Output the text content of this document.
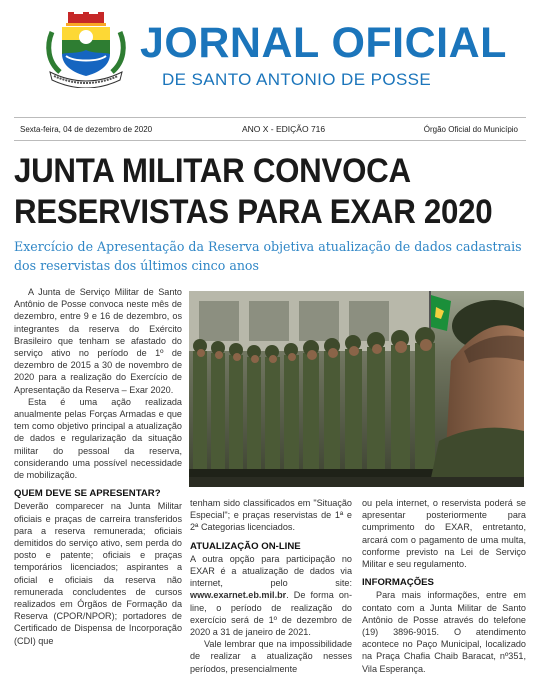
JORNAL OFICIAL
DE SANTO ANTONIO DE POSSE
Sexta-feira, 04 de dezembro de 2020	ANO X - EDIÇÃO 716	Órgão Oficial do Município
JUNTA MILITAR CONVOCA RESERVISTAS PARA EXAR 2020
Exercício de Apresentação da Reserva objetiva atualização de dados cadastrais dos reservistas dos últimos cinco anos

A Junta de Serviço Militar de Santo Antônio de Posse convoca neste mês de dezembro, entre 9 e 16 de dezembro, os integrantes da reserva do Exército Brasileiro que tenham se afastado do serviço ativo no período de 1º de dezembro de 2015 a 30 de novembro de 2020 para a realização do Exercício de Apresentação da Reserva – Exar 2020.

Esta é uma ação realizada anualmente pelas Forças Armadas e que tem como objetivo principal a atualização de dados e regularização da situação militar do pessoal da reserva, considerando uma possível necessidade de mobilização.

QUEM DEVE SE APRESENTAR?

Deverão comparecer na Junta Militar oficiais e praças de carreira transferidos para a reserva remunerada; oficiais demitidos do serviço ativo, sem perda do posto e patente; oficiais e praças temporários licenciados; aspirantes a oficial e oficiais da reserva não remunerada concludentes de cursos realizados em Órgãos de Formação da Reserva (CPOR/NPOR); portadores de Certificado de Dispensa de Incorporação (CDI) que

tenham sido classificados em "Situação Especial"; e praças reservistas de 1ª e 2ª Categorias licenciados.

ATUALIZAÇÃO ON-LINE

A outra opção para participação no EXAR é a atualização de dados via internet, pelo site: www.exarnet.eb.mil.br. De forma on-line, o período de realização do exercício será de 1º de dezembro de 2020 a 31 de janeiro de 2021.

Vale lembrar que na impossibilidade de realizar a atualização nesses períodos, presencialmente

ou pela internet, o reservista poderá se apresentar posteriormente para cumprimento do EXAR, entretanto, arcará com o pagamento de uma multa, conforme previsto na Lei de Serviço Militar e seu regulamento.

INFORMAÇÕES

Para mais informações, entre em contato com a Junta Militar de Santo Antônio de Posse através do telefone (19) 3896-9015. O atendimento acontece no Paço Municipal, localizado na Praça Chafia Chaib Baracat, nº351, Vila Esperança.
